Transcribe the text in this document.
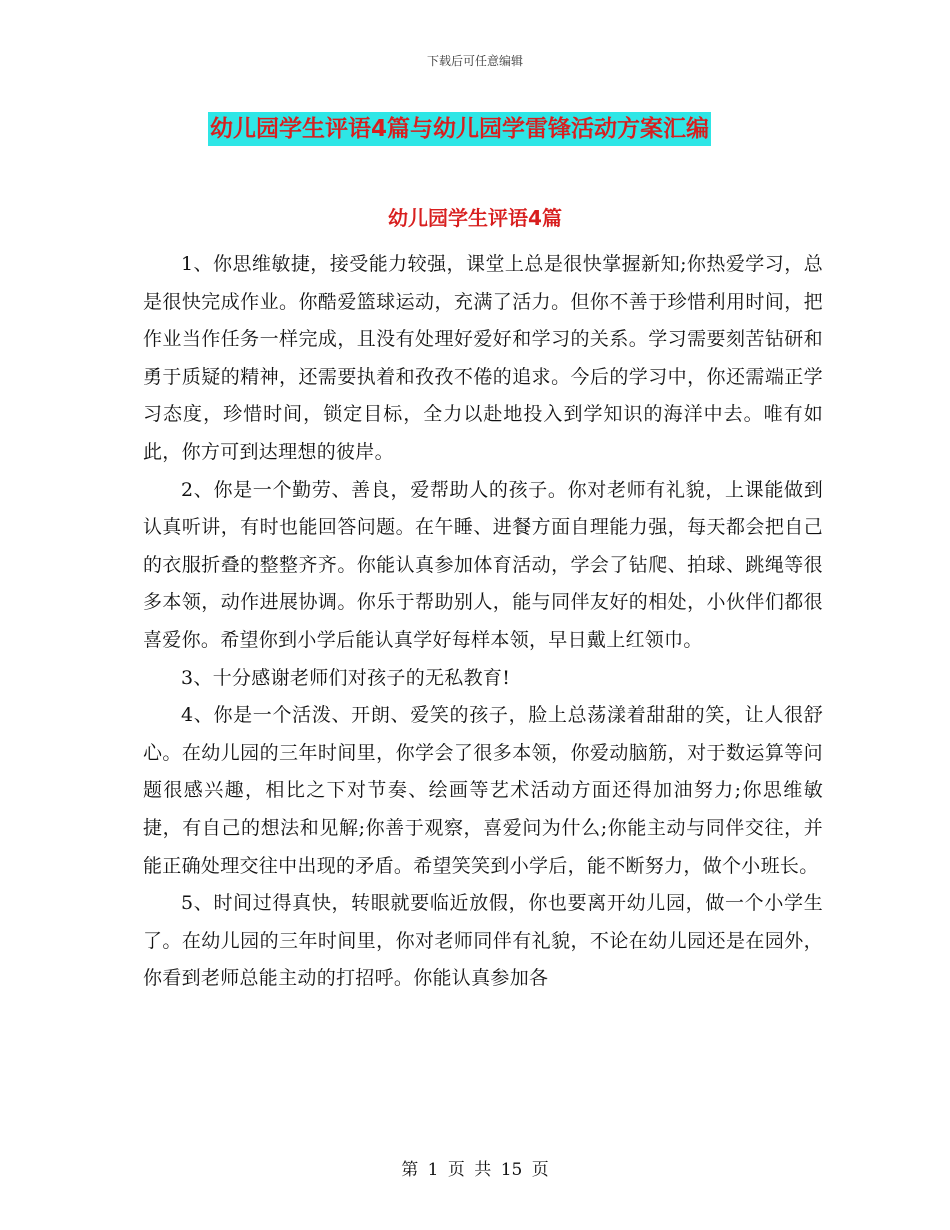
下载后可任意编辑
幼儿园学生评语4篇与幼儿园学雷锋活动方案汇编
幼儿园学生评语4篇

1、你思维敏捷，接受能力较强，课堂上总是很快掌握新知;你热爱学习，总是很快完成作业。你酷爱篮球运动，充满了活力。但你不善于珍惜利用时间，把作业当作任务一样完成，且没有处理好爱好和学习的关系。学习需要刻苦钻研和勇于质疑的精神，还需要执着和孜孜不倦的追求。今后的学习中，你还需端正学习态度，珍惜时间，锁定目标，全力以赴地投入到学知识的海洋中去。唯有如此，你方可到达理想的彼岸。

2、你是一个勤劳、善良，爱帮助人的孩子。你对老师有礼貌，上课能做到认真听讲，有时也能回答问题。在午睡、进餐方面自理能力强，每天都会把自己的衣服折叠的整整齐齐。你能认真参加体育活动，学会了钻爬、拍球、跳绳等很多本领，动作进展协调。你乐于帮助别人，能与同伴友好的相处，小伙伴们都很喜爱你。希望你到小学后能认真学好每样本领，早日戴上红领巾。

3、十分感谢老师们对孩子的无私教育!

4、你是一个活泼、开朗、爱笑的孩子，脸上总荡漾着甜甜的笑，让人很舒心。在幼儿园的三年时间里，你学会了很多本领，你爱动脑筋，对于数运算等问题很感兴趣，相比之下对节奏、绘画等艺术活动方面还得加油努力;你思维敏捷，有自己的想法和见解;你善于观察，喜爱问为什么;你能主动与同伴交往，并能正确处理交往中出现的矛盾。希望笑笑到小学后，能不断努力，做个小班长。

5、时间过得真快，转眼就要临近放假，你也要离开幼儿园，做一个小学生了。在幼儿园的三年时间里，你对老师同伴有礼貌，不论在幼儿园还是在园外，你看到老师总能主动的打招呼。你能认真参加各

第 1 页 共 15 页
